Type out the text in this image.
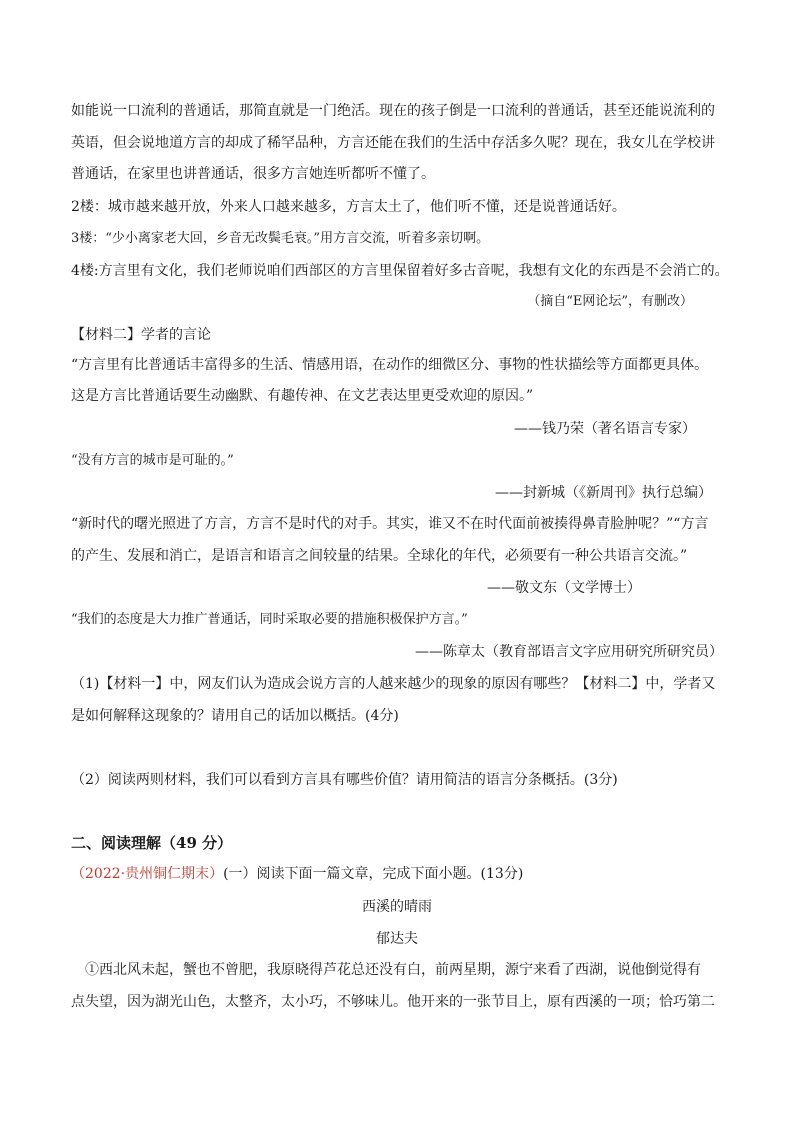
如能说一口流利的普通话，那简直就是一门绝活。现在的孩子倒是一口流利的普通话，甚至还能说流利的
英语，但会说地道方言的却成了稀罕品种，方言还能在我们的生活中存活多久呢？现在，我女儿在学校讲
普通话，在家里也讲普通话，很多方言她连听都听不懂了。
2楼：城市越来越开放，外来人口越来越多，方言太土了，他们听不懂，还是说普通话好。
3楼：“少小离家老大回，乡音无改鬓毛衰。”用方言交流，听着多亲切啊。
4楼:方言里有文化，我们老师说咱们西部区的方言里保留着好多古音呢，我想有文化的东西是不会消亡的。
（摘自“E网论坛”，有删改）
【材料二】学者的言论
“方言里有比普通话丰富得多的生活、情感用语，在动作的细微区分、事物的性状描绘等方面都更具体。
这是方言比普通话要生动幽默、有趣传神、在文艺表达里更受欢迎的原因。”
——钱乃荣（著名语言专家）
“没有方言的城市是可耻的。”
——封新城（《新周刊》执行总编）
“新时代的曙光照进了方言，方言不是时代的对手。其实，谁又不在时代面前被揍得鼻青脸肿呢？”“方言
的产生、发展和消亡，是语言和语言之间较量的结果。全球化的年代，必须要有一种公共语言交流。”
——敬文东（文学博士）
“我们的态度是大力推广普通话，同时采取必要的措施积极保护方言。”
——陈章太（教育部语言文字应用研究所研究员）
（1)【材料一】中，网友们认为造成会说方言的人越来越少的现象的原因有哪些？【材料二】中，学者又
是如何解释这现象的？请用自己的话加以概括。(4分)
（2）阅读两则材料，我们可以看到方言具有哪些价值？请用简洁的语言分条概括。(3分)
二、阅读理解（49 分）
（2022·贵州铜仁期末）(一）阅读下面一篇文章，完成下面小题。(13分)
西溪的晴雨
郁达夫
①西北风未起，蟹也不曾肥，我原晓得芦花总还没有白，前两星期，源宁来看了西湖，说他倒觉得有
点失望，因为湖光山色，太整齐，太小巧，不够味儿。他开来的一张节目上，原有西溪的一项；恰巧第二
